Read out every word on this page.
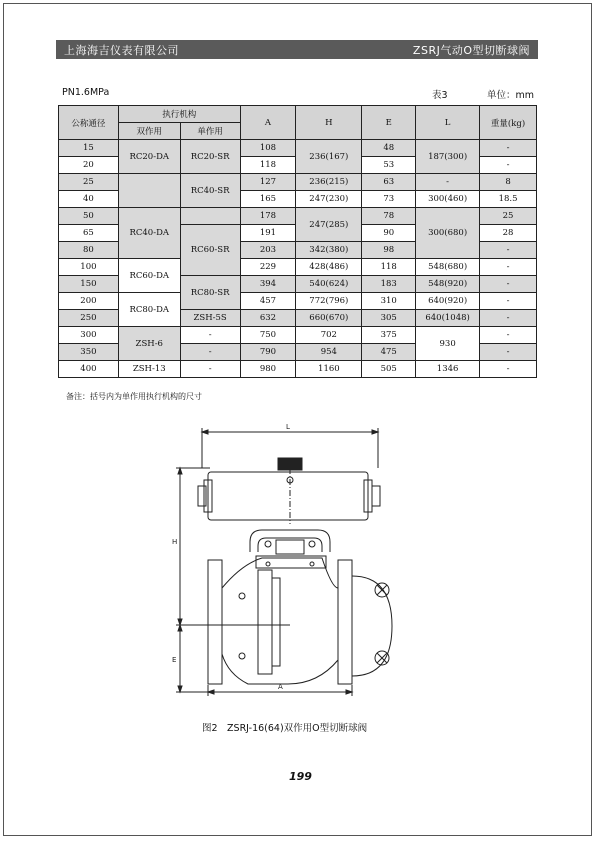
上海海吉仪表有限公司	ZSRJ气动O型切断球阀
PN1.6MPa	表3	单位：mm
公称通径	执行机构		A	H	E	L	重量(kg)
	双作用	单作用					
15	RC20-DA	RC20-SR	108	236(167)	48	187(300)	-
20			118		53		-
25		RC40-SR	127	236(215)	63	-	8
40			165	247(230)	73	300(460)	18.5
50	RC40-DA		178	247(285)	78	300(680)	25
65		RC60-SR	191		90		28
80			203	342(380)	98		-
100	RC60-DA		229	428(486)	118	548(680)	-
150		RC80-SR	394	540(624)	183	548(920)	-
200	RC80-DA		457	772(796)	310	640(920)	-
250		ZSH-5S	632	660(670)	305	640(1048)	-
300	ZSH-6	-	750	702	375	930	-
350		-	790	954	475		-
400	ZSH-13	-	980	1160	505	1346	-
备注：括号内为单作用执行机构的尺寸
L
H
E
A
图2　ZSRJ-16(64)双作用O型切断球阀
199
